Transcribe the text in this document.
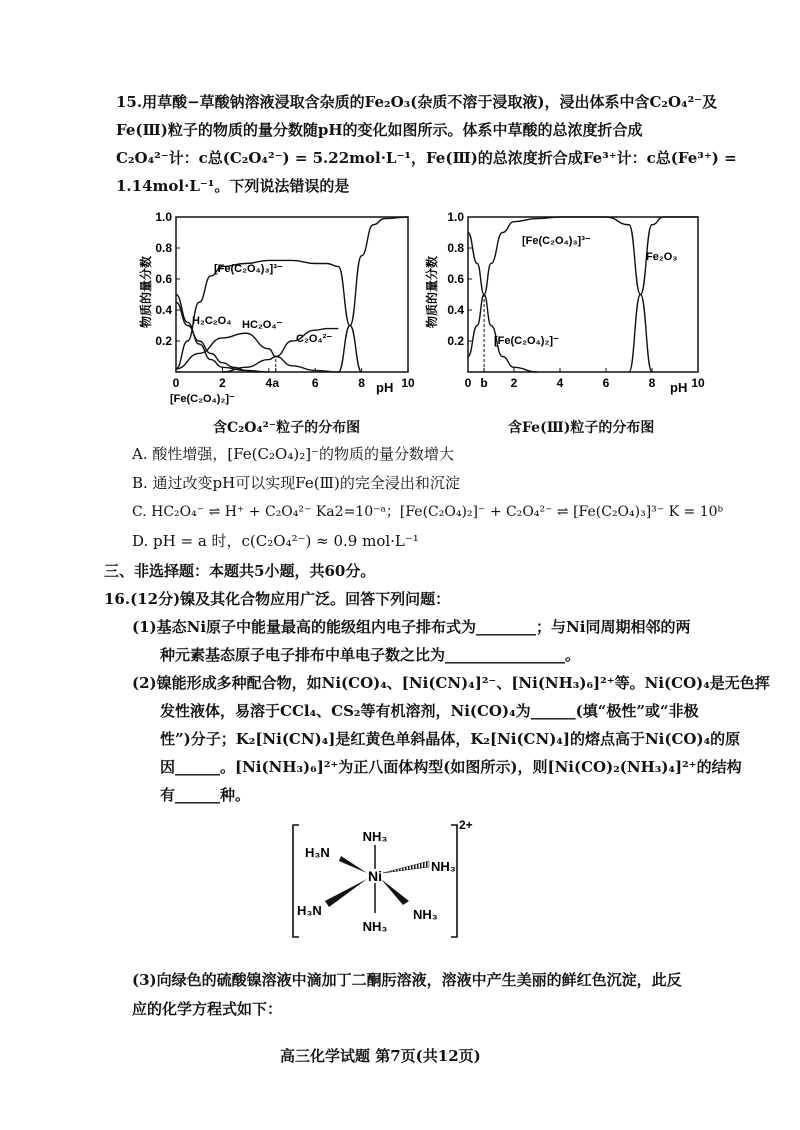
15.用草酸−草酸钠溶液浸取含杂质的Fe₂O₃(杂质不溶于浸取液)，浸出体系中含C₂O₄²⁻及
Fe(Ⅲ)粒子的物质的量分数随pH的变化如图所示。体系中草酸的总浓度折合成
C₂O₄²⁻计：c总(C₂O₄²⁻) = 5.22mol·L⁻¹，Fe(Ⅲ)的总浓度折合成Fe³⁺计：c总(Fe³⁺) =
1.14mol·L⁻¹。下列说法错误的是
物质的量分数
0.2
0.4
0.6
0.8
1.0
0	2	4 a	6	8	10
[Fe(C₂O₄)₃]³⁻
H₂C₂O₄ HC₂O₄⁻
C₂O₄²⁻
[Fe(C₂O₄)₂]⁻
pH
含C₂O₄²⁻粒子的分布图
物质的量分数
0.2
0.4
0.6
0.8
1.0
0 b 2	4	6	8	10
[Fe(C₂O₄)₃]³⁻
Fe₂O₃
[Fe(C₂O₄)₂]⁻
pH
含Fe(Ⅲ)粒子的分布图
A. 酸性增强，[Fe(C₂O₄)₂]⁻的物质的量分数增大
B. 通过改变pH可以实现Fe(Ⅲ)的完全浸出和沉淀
C. HC₂O₄⁻ ⇌ H⁺ + C₂O₄²⁻ Ka2=10⁻ᵃ；[Fe(C₂O₄)₂]⁻ + C₂O₄²⁻ ⇌ [Fe(C₂O₄)₃]³⁻ K = 10ᵇ
D. pH = a 时，c(C₂O₄²⁻) ≈ 0.9 mol·L⁻¹
三、非选择题：本题共5小题，共60分。
16.(12分)镍及其化合物应用广泛。回答下列问题：
(1)基态Ni原子中能量最高的能级组内电子排布式为________；与Ni同周期相邻的两
种元素基态原子电子排布中单电子数之比为________________。
(2)镍能形成多种配合物，如Ni(CO)₄、[Ni(CN)₄]²⁻、[Ni(NH₃)₆]²⁺等。Ni(CO)₄是无色挥
发性液体，易溶于CCl₄、CS₂等有机溶剂，Ni(CO)₄为______(填“极性”或“非极
性”)分子；K₂[Ni(CN)₄]是红黄色单斜晶体，K₂[Ni(CN)₄]的熔点高于Ni(CO)₄的原
因______。[Ni(NH₃)₆]²⁺为正八面体构型(如图所示)，则[Ni(CO)₂(NH₃)₄]²⁺的结构
有______种。
2+
Ni
NH₃
H₃N
NH₃
H₃N
NH₃
NH₃
(3)向绿色的硫酸镍溶液中滴加丁二酮肟溶液，溶液中产生美丽的鲜红色沉淀，此反
应的化学方程式如下：
高三化学试题 第7页(共12页)
